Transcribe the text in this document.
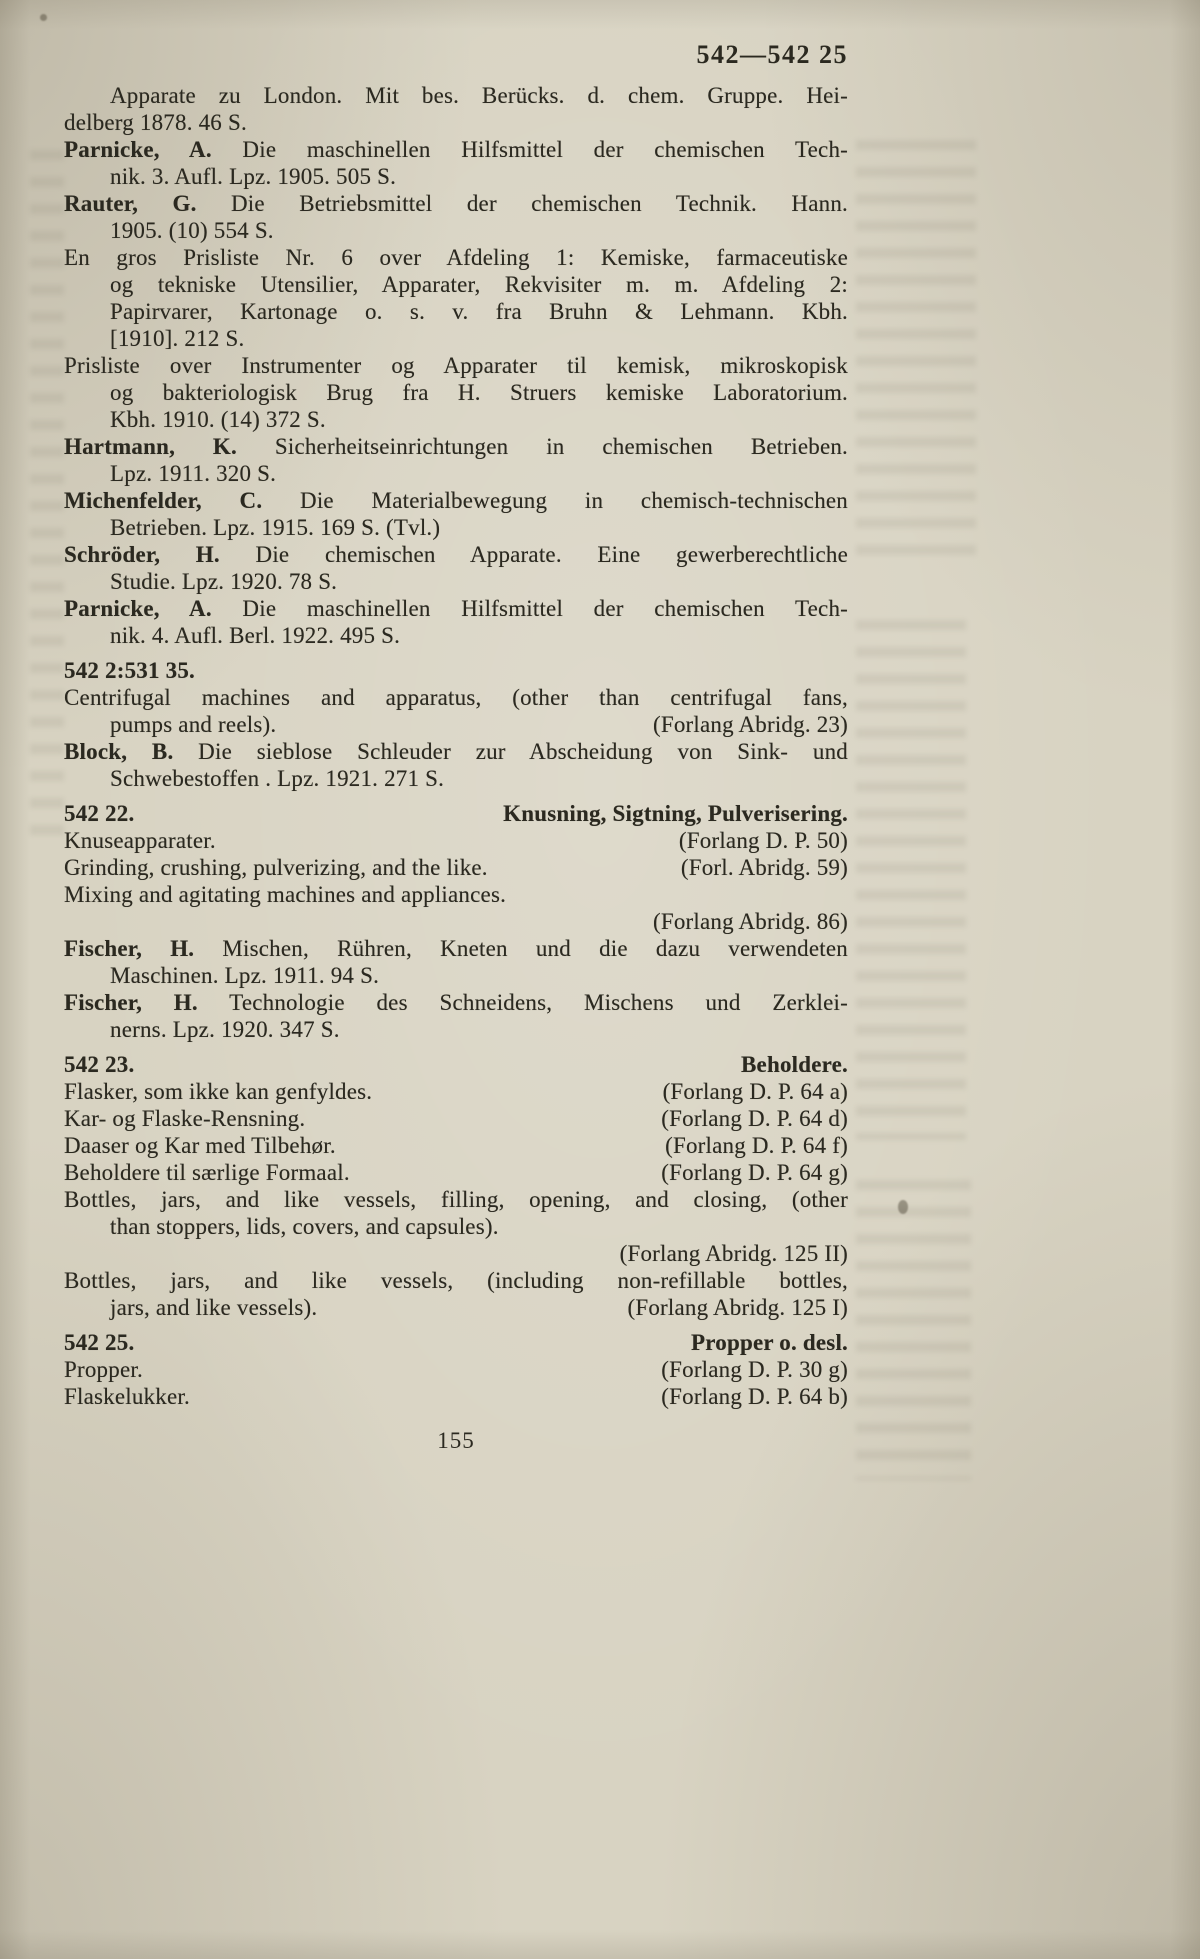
542—542 25
Apparate zu London. Mit bes. Berücks. d. chem. Gruppe. Hei-
delberg 1878. 46 S.
Parnicke, A. Die maschinellen Hilfsmittel der chemischen Tech-
nik. 3. Aufl. Lpz. 1905. 505 S.
Rauter, G. Die Betriebsmittel der chemischen Technik. Hann.
1905. (10) 554 S.
En gros Prisliste Nr. 6 over Afdeling 1: Kemiske, farmaceutiske
og tekniske Utensilier, Apparater, Rekvisiter m. m. Afdeling 2:
Papirvarer, Kartonage o. s. v. fra Bruhn & Lehmann. Kbh.
[1910]. 212 S.
Prisliste over Instrumenter og Apparater til kemisk, mikroskopisk
og bakteriologisk Brug fra H. Struers kemiske Laboratorium.
Kbh. 1910. (14) 372 S.
Hartmann, K. Sicherheitseinrichtungen in chemischen Betrieben.
Lpz. 1911. 320 S.
Michenfelder, C. Die Materialbewegung in chemisch-technischen
Betrieben. Lpz. 1915. 169 S. (Tvl.)
Schröder, H. Die chemischen Apparate. Eine gewerberechtliche
Studie. Lpz. 1920. 78 S.
Parnicke, A. Die maschinellen Hilfsmittel der chemischen Tech-
nik. 4. Aufl. Berl. 1922. 495 S.
542 2:531 35.
Centrifugal machines and apparatus, (other than centrifugal fans,
pumps and reels).	(Forlang Abridg. 23)
Block, B. Die sieblose Schleuder zur Abscheidung von Sink- und
Schwebestoffen . Lpz. 1921. 271 S.
542 22.	Knusning, Sigtning, Pulverisering.
Knuseapparater.	(Forlang D. P. 50)
Grinding, crushing, pulverizing, and the like.	(Forl. Abridg. 59)
Mixing and agitating machines and appliances.
(Forlang Abridg. 86)
Fischer, H. Mischen, Rühren, Kneten und die dazu verwendeten
Maschinen. Lpz. 1911. 94 S.
Fischer, H. Technologie des Schneidens, Mischens und Zerklei-
nerns. Lpz. 1920. 347 S.
542 23.	Beholdere.
Flasker, som ikke kan genfyldes.	(Forlang D. P. 64 a)
Kar- og Flaske-Rensning.	(Forlang D. P. 64 d)
Daaser og Kar med Tilbehør.	(Forlang D. P. 64 f)
Beholdere til særlige Formaal.	(Forlang D. P. 64 g)
Bottles, jars, and like vessels, filling, opening, and closing, (other
than stoppers, lids, covers, and capsules).
(Forlang Abridg. 125 II)
Bottles, jars, and like vessels, (including non-refillable bottles,
jars, and like vessels).	(Forlang Abridg. 125 I)
542 25.	Propper o. desl.
Propper.	(Forlang D. P. 30 g)
Flaskelukker.	(Forlang D. P. 64 b)
155
